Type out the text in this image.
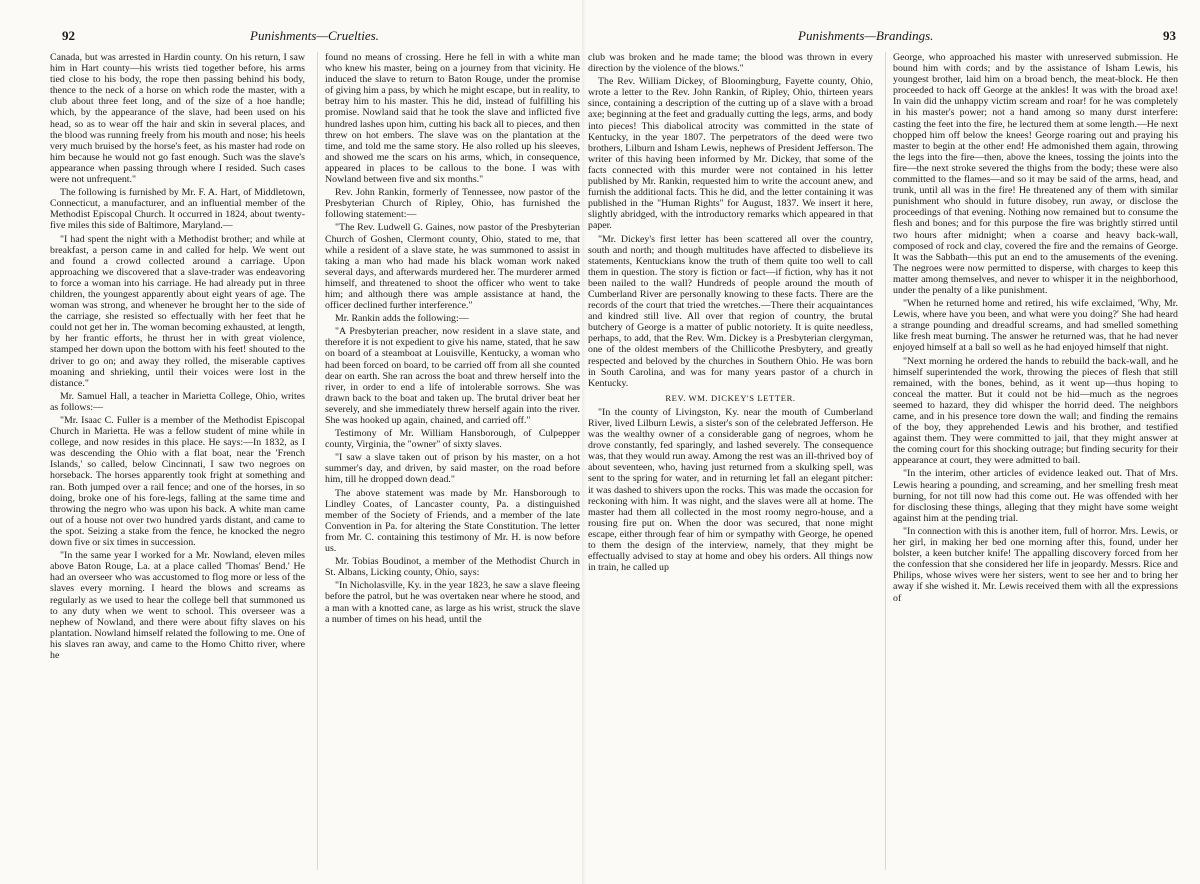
92	Punishments—Cruelties.

Canada, but was arrested in Hardin county. On his return, I saw him in Hart county—his wrists tied together before, his arms tied close to his body, the rope then passing behind his body, thence to the neck of a horse on which rode the master, with a club about three feet long, and of the size of a hoe handle; which, by the appearance of the slave, had been used on his head, so as to wear off the hair and skin in several places, and the blood was running freely from his mouth and nose; his heels very much bruised by the horse's feet, as his master had rode on him because he would not go fast enough. Such was the slave's appearance when passing through where I resided. Such cases were not unfrequent."

The following is furnished by Mr. F. A. Hart, of Middletown, Connecticut, a manufacturer, and an influential member of the Methodist Episcopal Church. It occurred in 1824, about twenty-five miles this side of Baltimore, Maryland.—

"I had spent the night with a Methodist brother; and while at breakfast, a person came in and called for help. We went out and found a crowd collected around a carriage. Upon approaching we discovered that a slave-trader was endeavoring to force a woman into his carriage. He had already put in three children, the youngest apparently about eight years of age. The woman was strong, and whenever he brought her to the side of the carriage, she resisted so effectually with her feet that he could not get her in. The woman becoming exhausted, at length, by her frantic efforts, he thrust her in with great violence, stamped her down upon the bottom with his feet! shouted to the driver to go on; and away they rolled, the miserable captives moaning and shrieking, until their voices were lost in the distance."

Mr. Samuel Hall, a teacher in Marietta College, Ohio, writes as follows:—

"Mr. Isaac C. Fuller is a member of the Methodist Episcopal Church in Marietta. He was a fellow student of mine while in college, and now resides in this place. He says:—In 1832, as I was descending the Ohio with a flat boat, near the 'French Islands,' so called, below Cincinnati, I saw two negroes on horseback. The horses apparently took fright at something and ran. Both jumped over a rail fence; and one of the horses, in so doing, broke one of his fore-legs, falling at the same time and throwing the negro who was upon his back. A white man came out of a house not over two hundred yards distant, and came to the spot. Seizing a stake from the fence, he knocked the negro down five or six times in succession.

"In the same year I worked for a Mr. Nowland, eleven miles above Baton Rouge, La. at a place called 'Thomas' Bend.' He had an overseer who was accustomed to flog more or less of the slaves every morning. I heard the blows and screams as regularly as we used to hear the college bell that summoned us to any duty when we went to school. This overseer was a nephew of Nowland, and there were about fifty slaves on his plantation. Nowland himself related the following to me. One of his slaves ran away, and came to the Homo Chitto river, where he

found no means of crossing. Here he fell in with a white man who knew his master, being on a journey from that vicinity. He induced the slave to return to Baton Rouge, under the promise of giving him a pass, by which he might escape, but in reality, to betray him to his master. This he did, instead of fulfilling his promise. Nowland said that he took the slave and inflicted five hundred lashes upon him, cutting his back all to pieces, and then threw on hot embers. The slave was on the plantation at the time, and told me the same story. He also rolled up his sleeves, and showed me the scars on his arms, which, in consequence, appeared in places to be callous to the bone. I was with Nowland between five and six months."

Rev. John Rankin, formerly of Tennessee, now pastor of the Presbyterian Church of Ripley, Ohio, has furnished the following statement:—

"The Rev. Ludwell G. Gaines, now pastor of the Presbyterian Church of Goshen, Clermont county, Ohio, stated to me, that while a resident of a slave state, he was summoned to assist in taking a man who had made his black woman work naked several days, and afterwards murdered her. The murderer armed himself, and threatened to shoot the officer who went to take him; and although there was ample assistance at hand, the officer declined further interference."

Mr. Rankin adds the following:—

"A Presbyterian preacher, now resident in a slave state, and therefore it is not expedient to give his name, stated, that he saw on board of a steamboat at Louisville, Kentucky, a woman who had been forced on board, to be carried off from all she counted dear on earth. She ran across the boat and threw herself into the river, in order to end a life of intolerable sorrows. She was drawn back to the boat and taken up. The brutal driver beat her severely, and she immediately threw herself again into the river. She was hooked up again, chained, and carried off."

Testimony of Mr. William Hansborough, of Culpepper county, Virginia, the "owner" of sixty slaves.

"I saw a slave taken out of prison by his master, on a hot summer's day, and driven, by said master, on the road before him, till he dropped down dead."

The above statement was made by Mr. Hansborough to Lindley Coates, of Lancaster county, Pa. a distinguished member of the Society of Friends, and a member of the late Convention in Pa. for altering the State Constitution. The letter from Mr. C. containing this testimony of Mr. H. is now before us.

Mr. Tobias Boudinot, a member of the Methodist Church in St. Albans, Licking county, Ohio, says:

"In Nicholasville, Ky. in the year 1823, he saw a slave fleeing before the patrol, but he was overtaken near where he stood, and a man with a knotted cane, as large as his wrist, struck the slave a number of times on his head, until the

Punishments—Brandings.	93

club was broken and he made tame; the blood was thrown in every direction by the violence of the blows."

The Rev. William Dickey, of Bloomingburg, Fayette county, Ohio, wrote a letter to the Rev. John Rankin, of Ripley, Ohio, thirteen years since, containing a description of the cutting up of a slave with a broad axe; beginning at the feet and gradually cutting the legs, arms, and body into pieces! This diabolical atrocity was committed in the state of Kentucky, in the year 1807. The perpetrators of the deed were two brothers, Lilburn and Isham Lewis, nephews of President Jefferson. The writer of this having been informed by Mr. Dickey, that some of the facts connected with this murder were not contained in his letter published by Mr. Rankin, requested him to write the account anew, and furnish the additional facts. This he did, and the letter containing it was published in the "Human Rights" for August, 1837. We insert it here, slightly abridged, with the introductory remarks which appeared in that paper.

"Mr. Dickey's first letter has been scattered all over the country, south and north; and though multitudes have affected to disbelieve its statements, Kentuckians know the truth of them quite too well to call them in question. The story is fiction or fact—if fiction, why has it not been nailed to the wall? Hundreds of people around the mouth of Cumberland River are personally knowing to these facts. There are the records of the court that tried the wretches.—There their acquaintances and kindred still live. All over that region of country, the brutal butchery of George is a matter of public notoriety. It is quite needless, perhaps, to add, that the Rev. Wm. Dickey is a Presbyterian clergyman, one of the oldest members of the Chillicothe Presbytery, and greatly respected and beloved by the churches in Southern Ohio. He was born in South Carolina, and was for many years pastor of a church in Kentucky.

REV. WM. DICKEY'S LETTER.

"In the county of Livingston, Ky. near the mouth of Cumberland River, lived Lilburn Lewis, a sister's son of the celebrated Jefferson. He was the wealthy owner of a considerable gang of negroes, whom he drove constantly, fed sparingly, and lashed severely. The consequence was, that they would run away. Among the rest was an ill-thrived boy of about seventeen, who, having just returned from a skulking spell, was sent to the spring for water, and in returning let fall an elegant pitcher: it was dashed to shivers upon the rocks. This was made the occasion for reckoning with him. It was night, and the slaves were all at home. The master had them all collected in the most roomy negro-house, and a rousing fire put on. When the door was secured, that none might escape, either through fear of him or sympathy with George, he opened to them the design of the interview, namely, that they might be effectually advised to stay at home and obey his orders. All things now in train, he called up

George, who approached his master with unreserved submission. He bound him with cords; and by the assistance of Isham Lewis, his youngest brother, laid him on a broad bench, the meat-block. He then proceeded to hack off George at the ankles! It was with the broad axe! In vain did the unhappy victim scream and roar! for he was completely in his master's power; not a hand among so many durst interfere: casting the feet into the fire, he lectured them at some length.—He next chopped him off below the knees! George roaring out and praying his master to begin at the other end! He admonished them again, throwing the legs into the fire—then, above the knees, tossing the joints into the fire—the next stroke severed the thighs from the body; these were also committed to the flames—and so it may be said of the arms, head, and trunk, until all was in the fire! He threatened any of them with similar punishment who should in future disobey, run away, or disclose the proceedings of that evening. Nothing now remained but to consume the flesh and bones; and for this purpose the fire was brightly stirred until two hours after midnight; when a coarse and heavy back-wall, composed of rock and clay, covered the fire and the remains of George. It was the Sabbath—this put an end to the amusements of the evening. The negroes were now permitted to disperse, with charges to keep this matter among themselves, and never to whisper it in the neighborhood, under the penalty of a like punishment.

"When he returned home and retired, his wife exclaimed, 'Why, Mr. Lewis, where have you been, and what were you doing?' She had heard a strange pounding and dreadful screams, and had smelled something like fresh meat burning. The answer he returned was, that he had never enjoyed himself at a ball so well as he had enjoyed himself that night.

"Next morning he ordered the hands to rebuild the back-wall, and he himself superintended the work, throwing the pieces of flesh that still remained, with the bones, behind, as it went up—thus hoping to conceal the matter. But it could not be hid—much as the negroes seemed to hazard, they did whisper the horrid deed. The neighbors came, and in his presence tore down the wall; and finding the remains of the boy, they apprehended Lewis and his brother, and testified against them. They were committed to jail, that they might answer at the coming court for this shocking outrage; but finding security for their appearance at court, they were admitted to bail.

"In the interim, other articles of evidence leaked out. That of Mrs. Lewis hearing a pounding, and screaming, and her smelling fresh meat burning, for not till now had this come out. He was offended with her for disclosing these things, alleging that they might have some weight against him at the pending trial.

"In connection with this is another item, full of horror. Mrs. Lewis, or her girl, in making her bed one morning after this, found, under her bolster, a keen butcher knife! The appalling discovery forced from her the confession that she considered her life in jeopardy. Messrs. Rice and Philips, whose wives were her sisters, went to see her and to bring her away if she wished it. Mr. Lewis received them with all the expressions of
